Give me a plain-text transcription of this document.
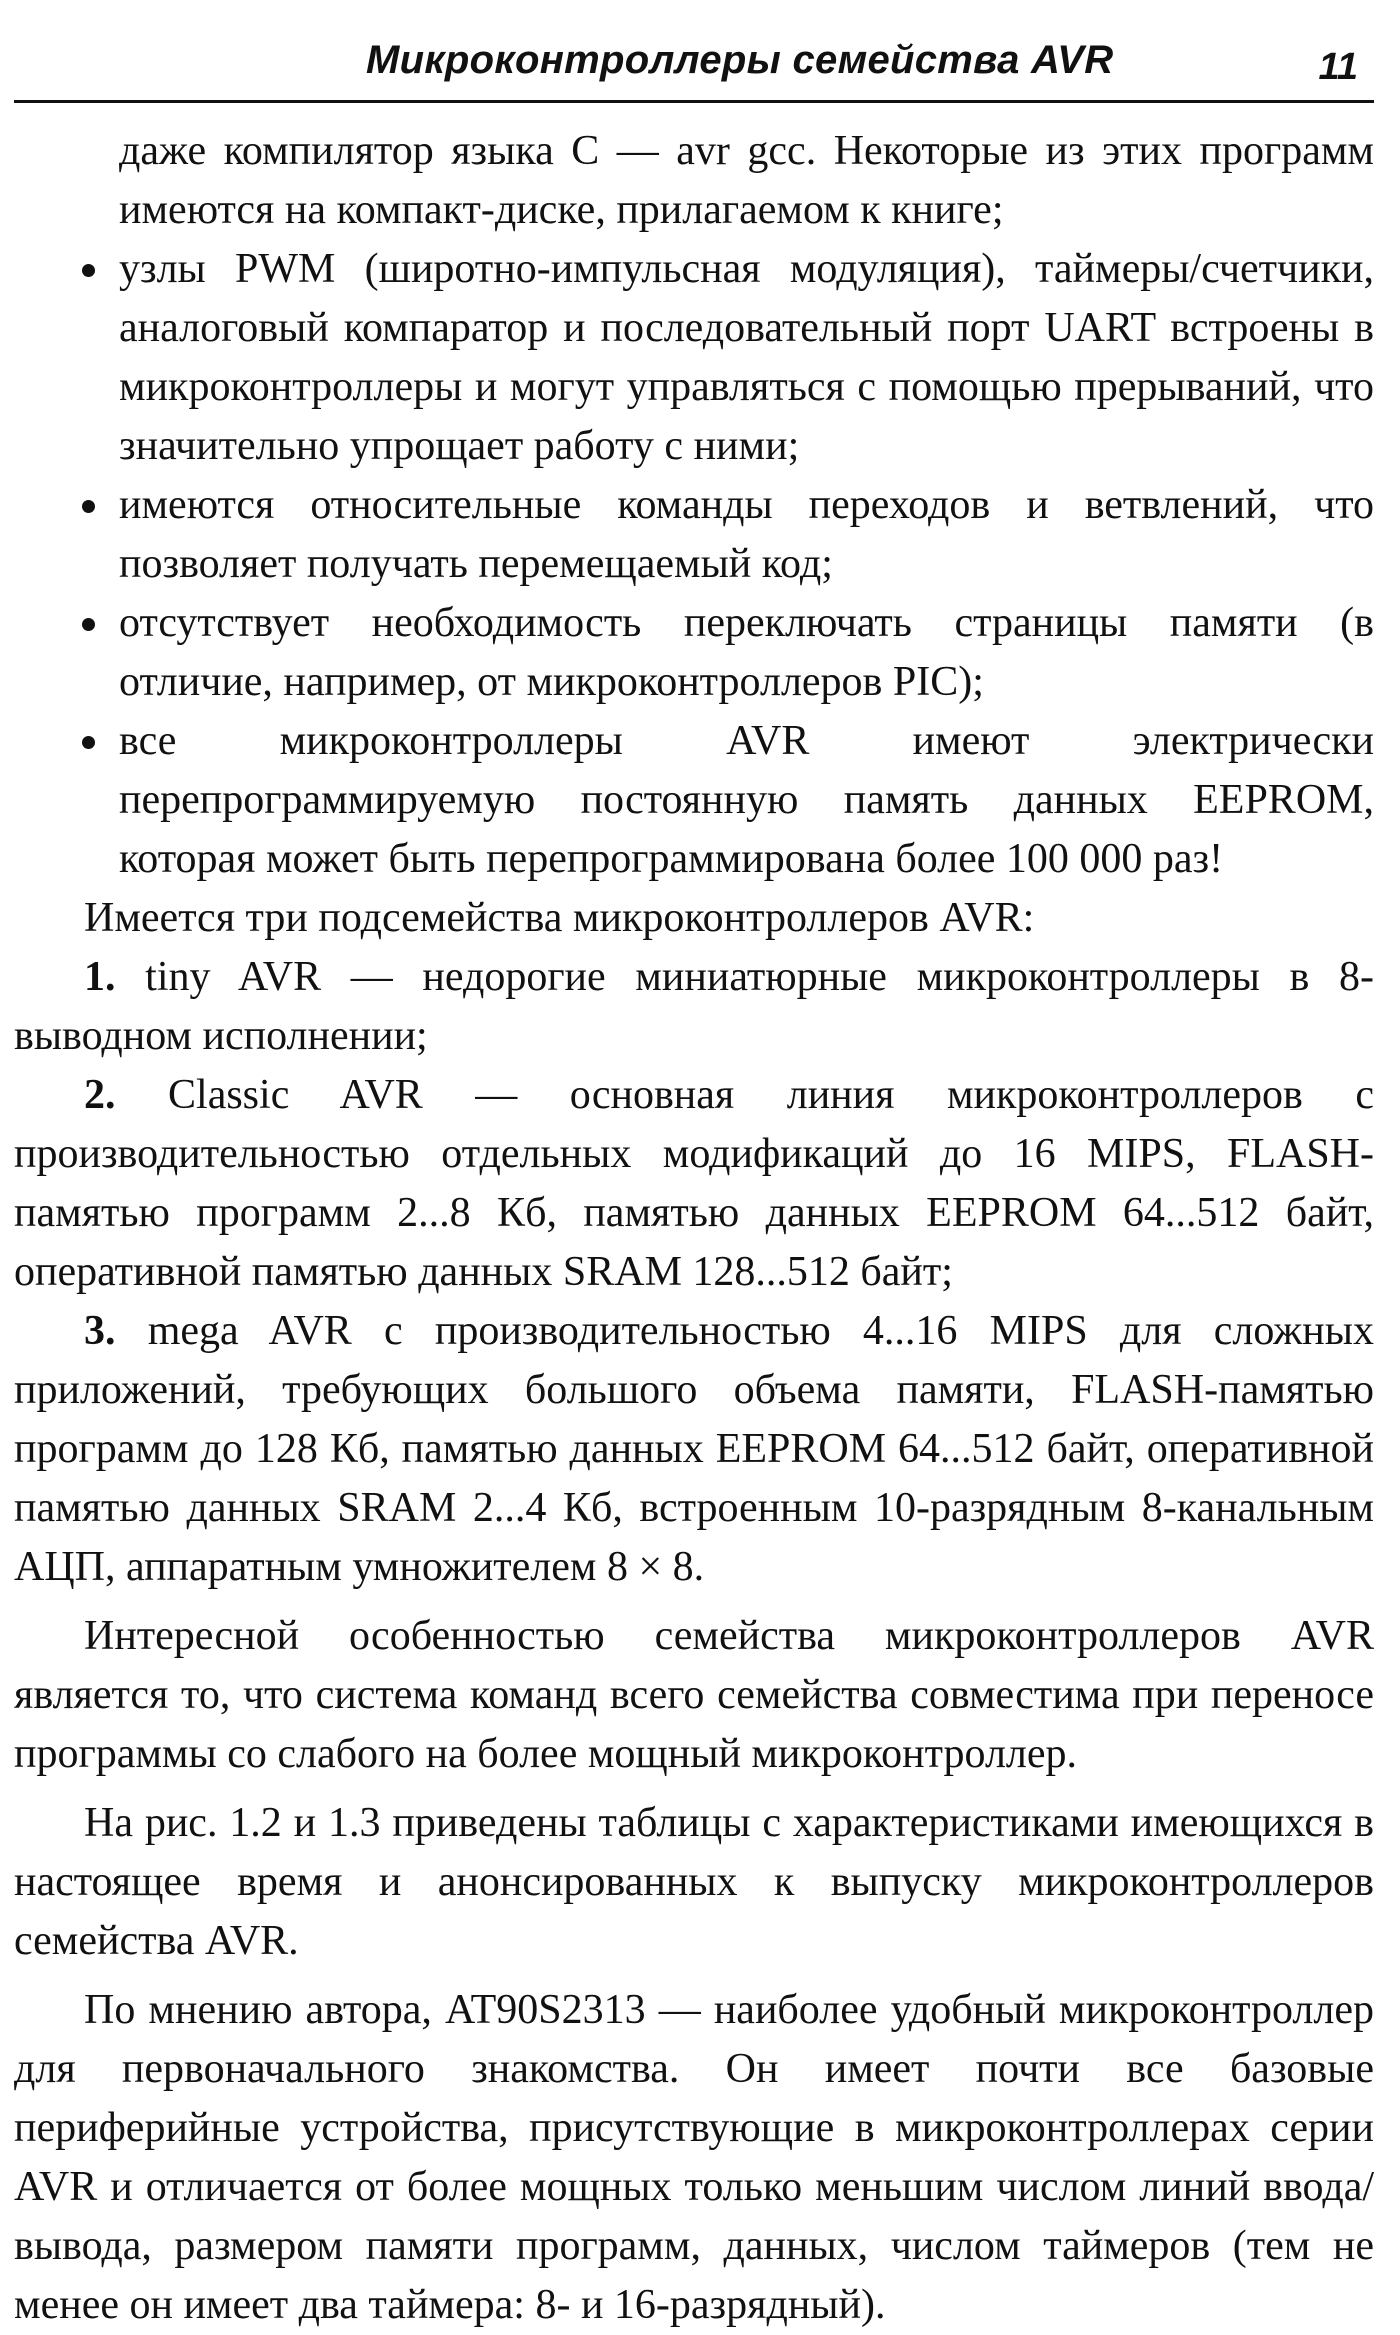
Микроконтроллеры семейства AVR	11

даже компилятор языка С — avr gcc. Некоторые из этих программ имеются на компакт-диске, прилагаемом к книге;

узлы PWM (широтно-импульсная модуляция), таймеры/счетчики, аналоговый компаратор и последовательный порт UART встроены в микроконтроллеры и могут управляться с помощью прерываний, что значительно упрощает работу с ними;
имеются относительные команды переходов и ветвлений, что позволяет получать перемещаемый код;
отсутствует необходимость переключать страницы памяти (в отличие, например, от микроконтроллеров PIC);
все микроконтроллеры AVR имеют электрически перепрограммируемую постоянную память данных EEPROM, которая может быть перепрограммирована более 100 000 раз!

Имеется три подсемейства микроконтроллеров AVR:

1. tiny AVR — недорогие миниатюрные микроконтроллеры в 8-выводном исполнении;

2. Classic AVR — основная линия микроконтроллеров с производительностью отдельных модификаций до 16 MIPS, FLASH-памятью программ 2...8 Кб, памятью данных EEPROM 64...512 байт, оперативной памятью данных SRAM 128...512 байт;

3. mega AVR с производительностью 4...16 MIPS для сложных приложений, требующих большого объема памяти, FLASH-памятью программ до 128 Кб, памятью данных EEPROM 64...512 байт, оперативной памятью данных SRAM 2...4 Кб, встроенным 10-разрядным 8-канальным АЦП, аппаратным умножителем 8 × 8.

Интересной особенностью семейства микроконтроллеров AVR является то, что система команд всего семейства совместима при переносе программы со слабого на более мощный микроконтроллер.

На рис. 1.2 и 1.3 приведены таблицы с характеристиками имеющихся в настоящее время и анонсированных к выпуску микроконтроллеров семейства AVR.

По мнению автора, AT90S2313 — наиболее удобный микроконтроллер для первоначального знакомства. Он имеет почти все базовые периферийные устройства, присутствующие в микроконтроллерах серии AVR и отличается от более мощных только меньшим числом линий ввода/вывода, размером памяти программ, данных, числом таймеров (тем не менее он имеет два таймера: 8- и 16-разрядный).
